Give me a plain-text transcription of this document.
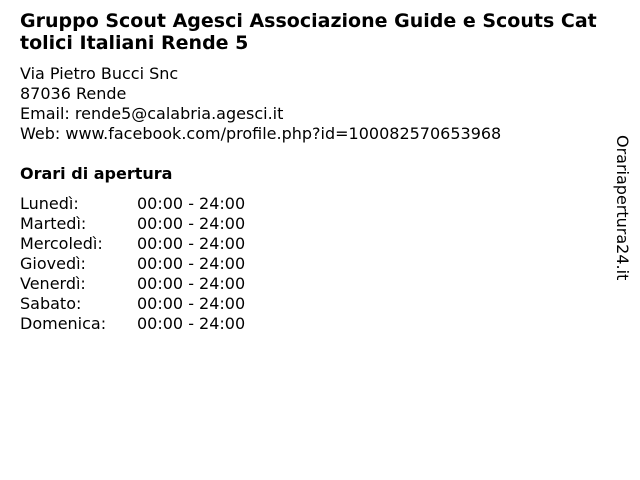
Gruppo Scout Agesci Associazione Guide e Scouts Cattolici Italiani Rende 5
Via Pietro Bucci Snc
87036 Rende
Email: rende5@calabria.agesci.it
Web: www.facebook.com/profile.php?id=100082570653968
Orari di apertura
Lunedì:	00:00 - 24:00
Martedì:	00:00 - 24:00
Mercoledì:	00:00 - 24:00
Giovedì:	00:00 - 24:00
Venerdì:	00:00 - 24:00
Sabato:	00:00 - 24:00
Domenica:	00:00 - 24:00
Orariapertura24.it
